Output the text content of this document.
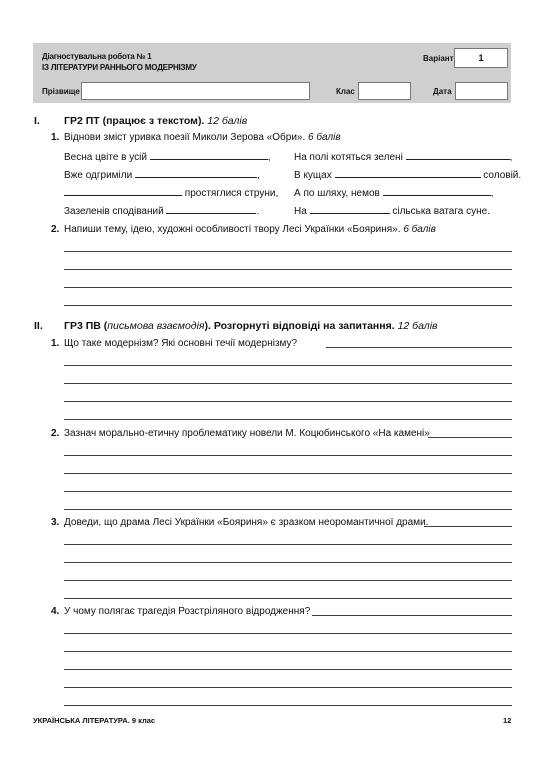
Діагностувальна робота № 1
ІЗ ЛІТЕРАТУРИ РАННЬОГО МОДЕРНІЗМУ
Варіант	1
Прізвище	Клас	Дата
I. ГР2 ПТ (працює з текстом). 12 балів
1. Віднови зміст уривка поезії Миколи Зерова «Обри». 6 балів
Весна цвіте в усій	,
Вже одгриміли	,
простяглися струни,
Зазеленів сподіваний	.
На полі котяться зелені	,
В кущах	соловій.
А по шляху, немов	,
На	сільська ватага суне.
2. Напиши тему, ідею, художні особливості твору Лесі Українки «Бояриня». 6 балів
II. ГР3 ПВ (письмова взаємодія). Розгорнуті відповіді на запитання. 12 балів
1. Що таке модернізм? Які основні течії модернізму?
2. Зазнач морально-етичну проблематику новели М. Коцюбинського «На камені»
3. Доведи, що драма Лесі Українки «Бояриня» є зразком неоромантичної драми.
4. У чому полягає трагедія Розстріляного відродження?
УКРАЇНСЬКА ЛІТЕРАТУРА. 9 клас	12
